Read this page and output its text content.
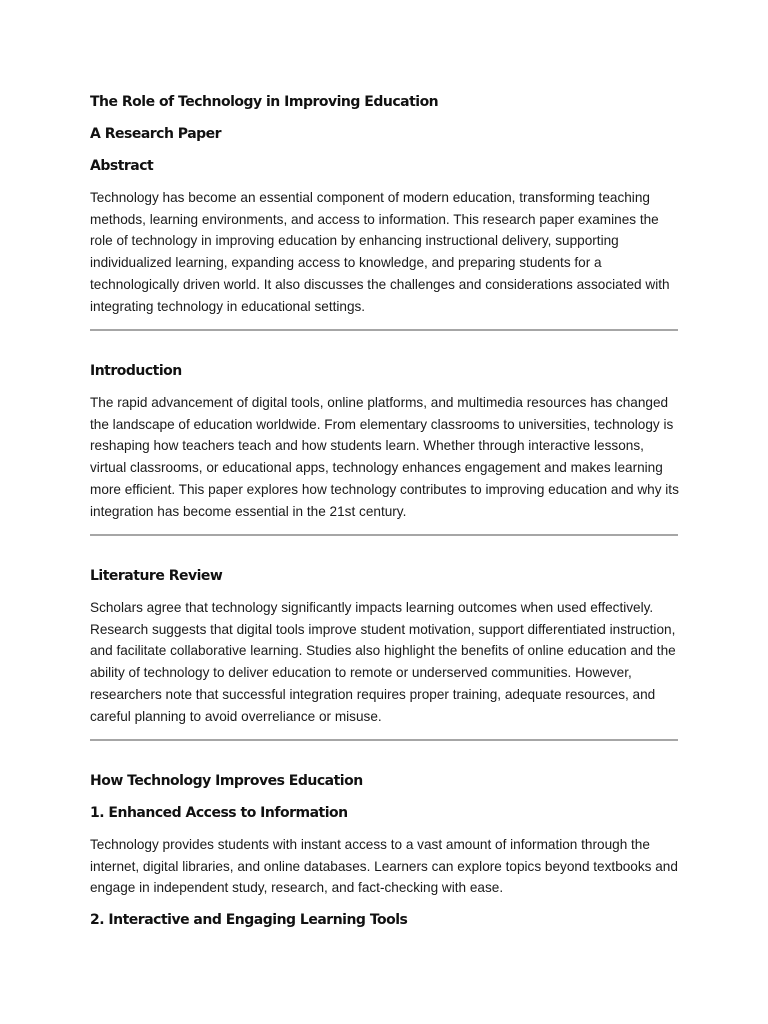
The Role of Technology in Improving Education
A Research Paper
Abstract

Technology has become an essential component of modern education, transforming teaching methods, learning environments, and access to information. This research paper examines the role of technology in improving education by enhancing instructional delivery, supporting individualized learning, expanding access to knowledge, and preparing students for a technologically driven world. It also discusses the challenges and considerations associated with integrating technology in educational settings.

Introduction

The rapid advancement of digital tools, online platforms, and multimedia resources has changed the landscape of education worldwide. From elementary classrooms to universities, technology is reshaping how teachers teach and how students learn. Whether through interactive lessons, virtual classrooms, or educational apps, technology enhances engagement and makes learning more efficient. This paper explores how technology contributes to improving education and why its integration has become essential in the 21st century.

Literature Review

Scholars agree that technology significantly impacts learning outcomes when used effectively. Research suggests that digital tools improve student motivation, support differentiated instruction, and facilitate collaborative learning. Studies also highlight the benefits of online education and the ability of technology to deliver education to remote or underserved communities. However, researchers note that successful integration requires proper training, adequate resources, and careful planning to avoid overreliance or misuse.

How Technology Improves Education
1. Enhanced Access to Information

Technology provides students with instant access to a vast amount of information through the internet, digital libraries, and online databases. Learners can explore topics beyond textbooks and engage in independent study, research, and fact-checking with ease.

2. Interactive and Engaging Learning Tools
